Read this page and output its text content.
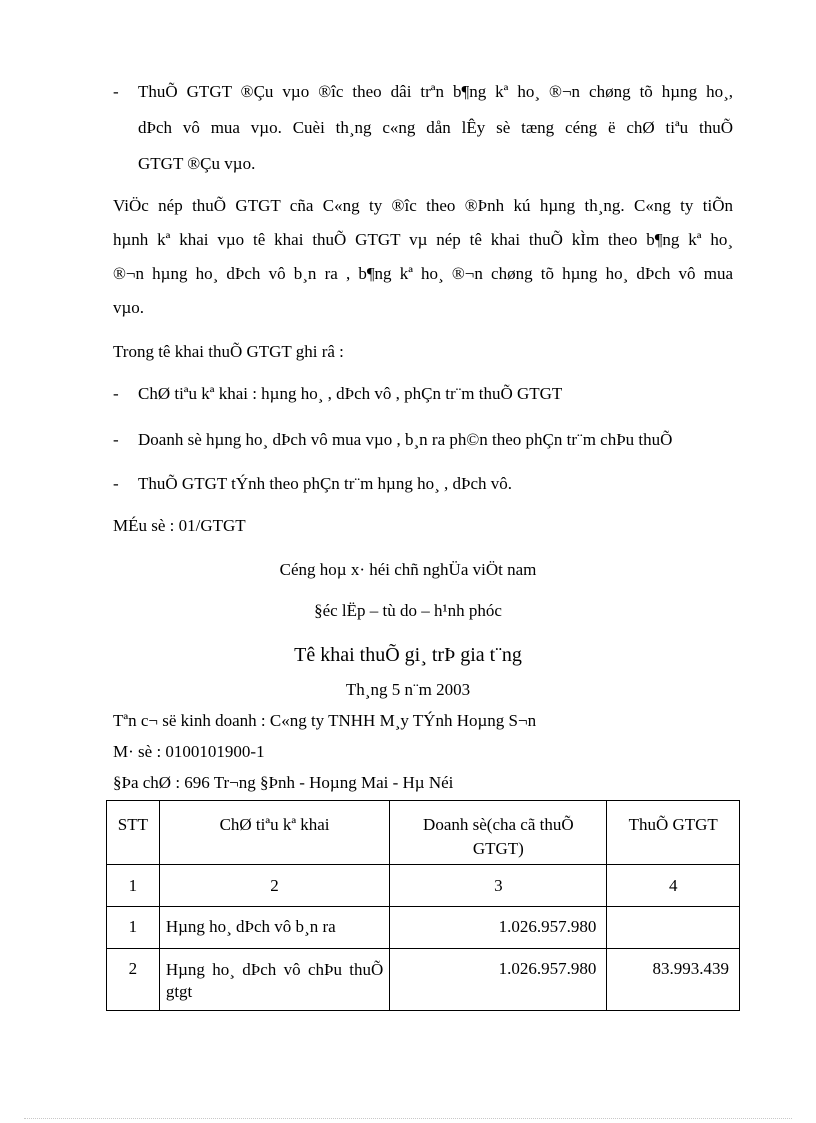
- ThuÕ GTGT ®Çu vµo ®îc theo dâi trªn b¶ng kª ho¸ ®¬n chøng tõ hµng ho¸,
dÞch vô mua vµo. Cuèi th¸ng c«ng dån lÊy sè tæng céng ë chØ tiªu thuÕ
GTGT ®Çu vµo.
ViÖc nép thuÕ GTGT cña C«ng ty ®îc theo ®Þnh kú hµng th¸ng. C«ng ty tiÕn
hµnh kª khai vµo tê khai thuÕ GTGT vµ nép tê khai thuÕ kÌm theo b¶ng kª ho¸
®¬n hµng ho¸ dÞch vô b¸n ra , b¶ng kª ho¸ ®¬n chøng tõ hµng ho¸ dÞch vô mua
vµo.
Trong tê khai thuÕ GTGT ghi râ :
- ChØ tiªu kª khai : hµng ho¸ , dÞch vô , phÇn tr¨m thuÕ GTGT
- Doanh sè hµng ho¸ dÞch vô mua vµo , b¸n ra ph©n theo phÇn tr¨m chÞu thuÕ
- ThuÕ GTGT tÝnh theo phÇn tr¨m hµng ho¸ , dÞch vô.
MÉu sè : 01/GTGT
Céng hoµ x· héi chñ nghÜa viÖt nam
§éc lËp – tù do – h¹nh phóc
Tê khai thuÕ gi¸ trÞ gia t¨ng
Th¸ng 5 n¨m 2003
Tªn c¬ së kinh doanh : C«ng ty TNHH M¸y TÝnh Hoµng S¬n
M· sè : 0100101900-1
§Þa chØ : 696 Tr¬ng §Þnh - Hoµng Mai - Hµ Néi
STT	ChØ tiªu kª khai	Doanh sè(cha cã thuÕ GTGT)	ThuÕ GTGT

1	2	3	4

1	Hµng ho¸ dÞch vô b¸n ra	1.026.957.980	

2	Hµng ho¸ dÞch vô chÞu thuÕ gtgt	1.026.957.980	83.993.439
